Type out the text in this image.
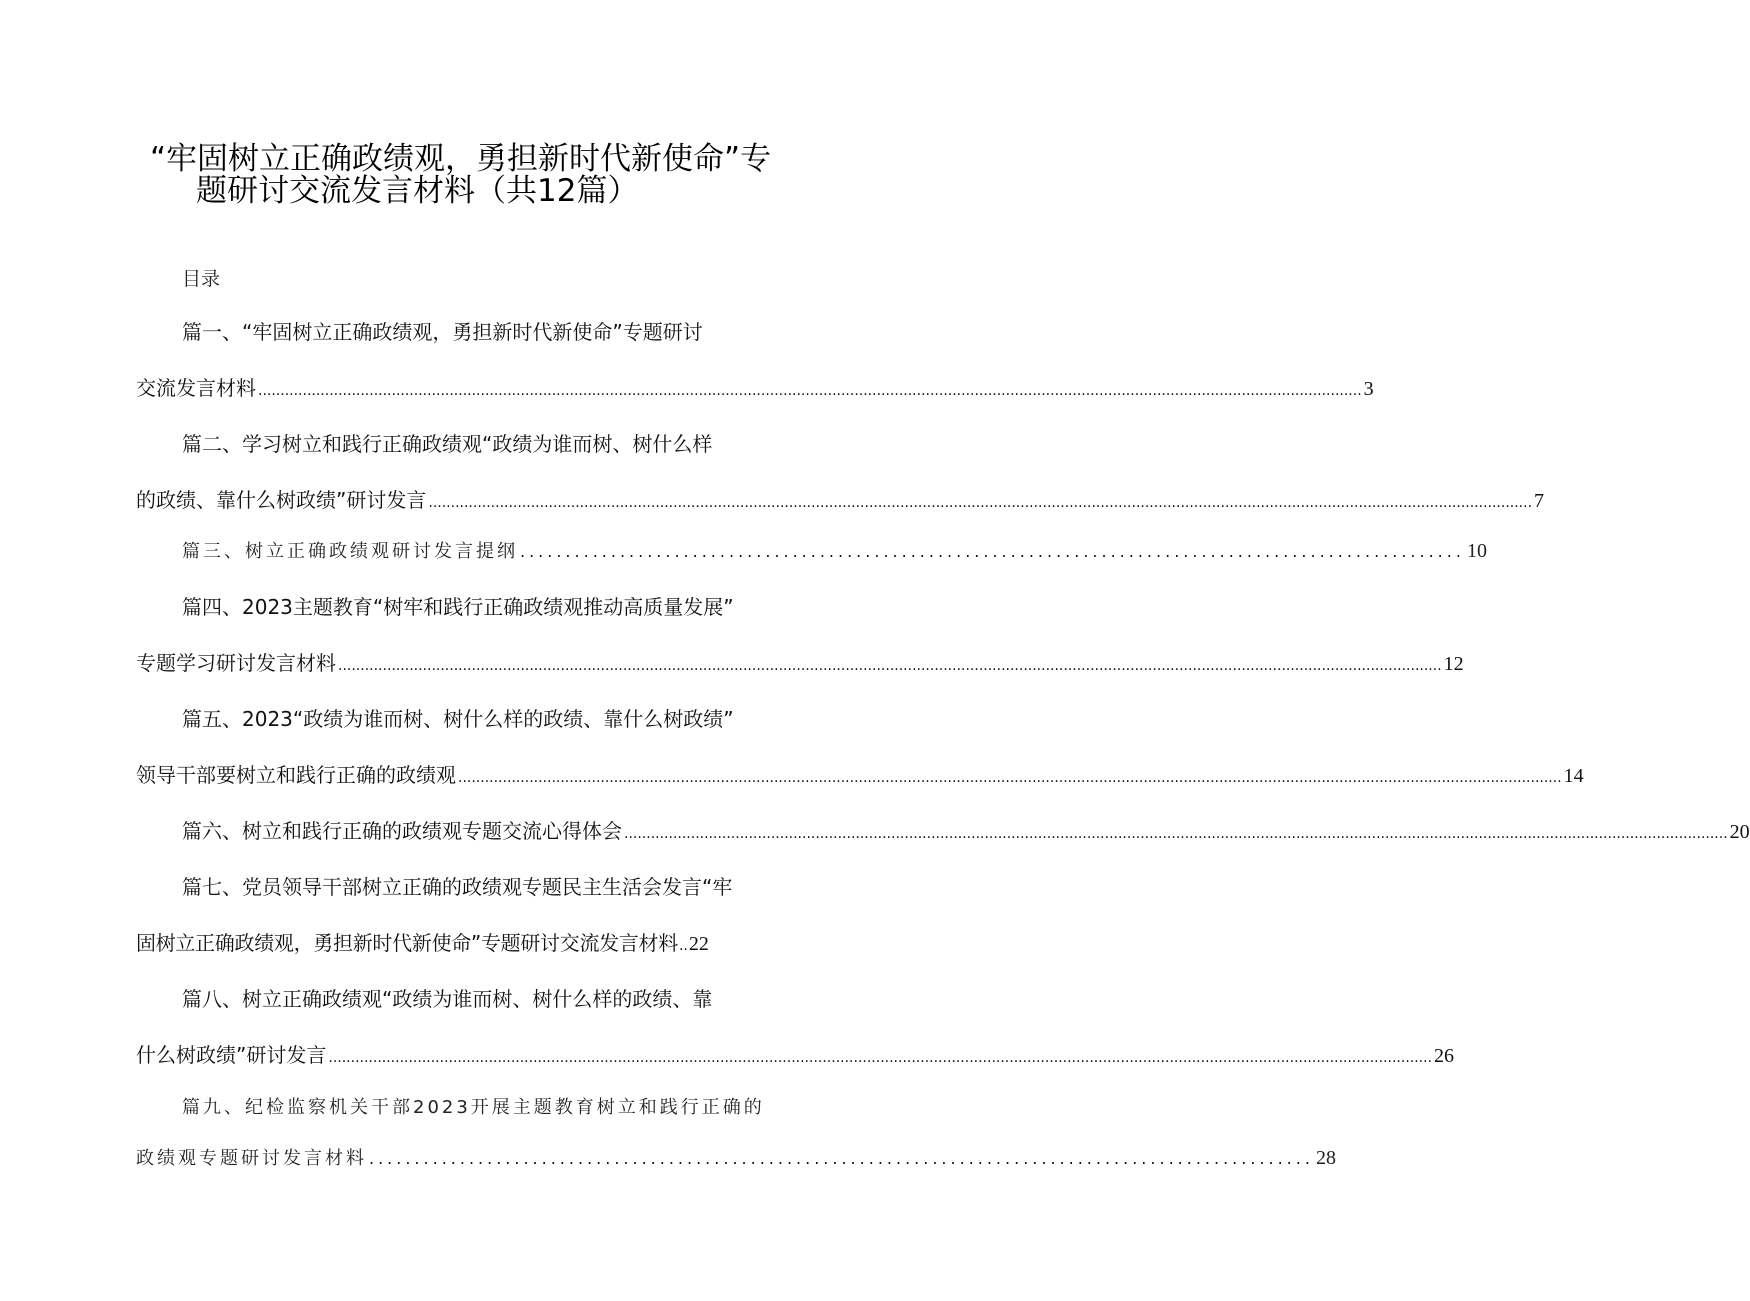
“牢固树立正确政绩观，勇担新时代新使命”专
题研讨交流发言材料（共12篇）
目录
篇一、“牢固树立正确政绩观，勇担新时代新使命”专题研讨
交流发言材料 ........................................................................................................................................................................................................................................................ 3
篇二、学习树立和践行正确政绩观“政绩为谁而树、树什么样
的政绩、靠什么树政绩”研讨发言 ........................................................................................................................................................................................................................................................ 7
篇三、树立正确政绩观研讨发言提纲 ........................................................................................................ 10
篇四、2023主题教育“树牢和践行正确政绩观推动高质量发展”
专题学习研讨发言材料 ........................................................................................................................................................................................................................................................ 12
篇五、2023“政绩为谁而树、树什么样的政绩、靠什么树政绩”
领导干部要树立和践行正确的政绩观 ........................................................................................................................................................................................................................................................ 14
篇六、树立和践行正确的政绩观专题交流心得体会 ........................................................................................................................................................................................................................................................ 20
篇七、党员领导干部树立正确的政绩观专题民主生活会发言“牢
固树立正确政绩观，勇担新时代新使命”专题研讨交流发言材料 .. 22
篇八、树立正确政绩观“政绩为谁而树、树什么样的政绩、靠
什么树政绩”研讨发言 ........................................................................................................................................................................................................................................................ 26
篇九、纪检监察机关干部2023开展主题教育树立和践行正确的
政绩观专题研讨发言材料 ........................................................................................................ 28
